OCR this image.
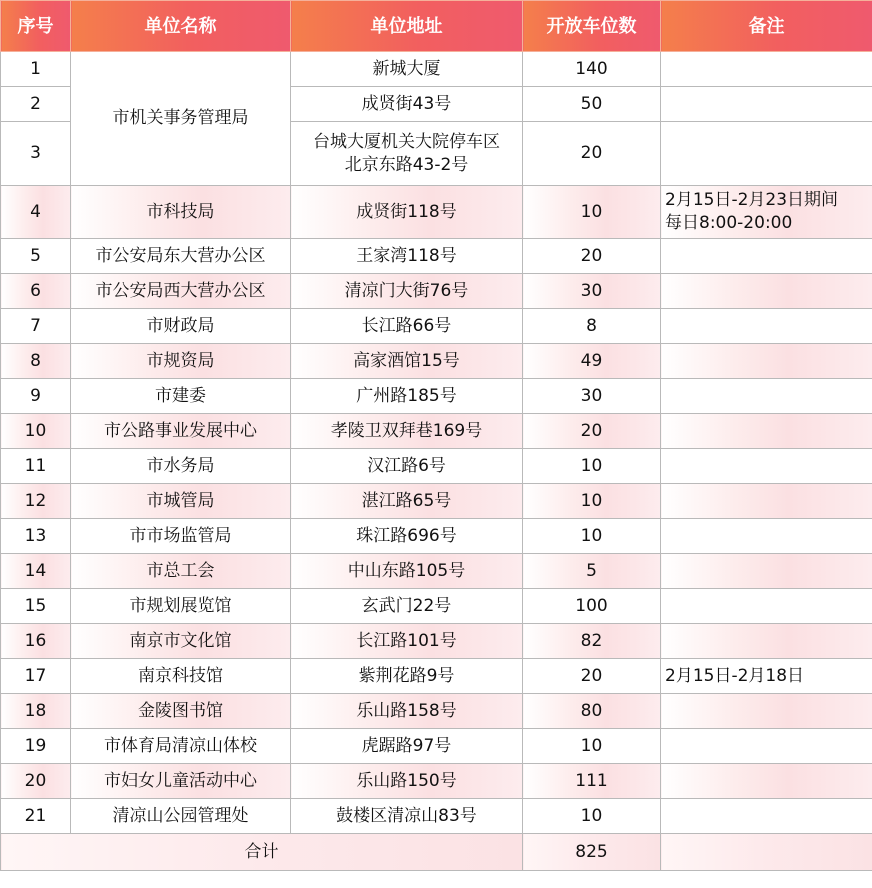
序号	单位名称	单位地址	开放车位数	备注
1	市机关事务管理局	新城大厦	140	
2		成贤街43号	50	
3		台城大厦机关大院停车区
北京东路43-2号	20	
4	市科技局	成贤街118号	10	2月15日-2月23日期间
每日8:00-20:00

5	市公安局东大营办公区	王家湾118号	20	
6	市公安局西大营办公区	清凉门大街76号	30	
7	市财政局	长江路66号	8	
8	市规资局	高家酒馆15号	49	
9	市建委	广州路185号	30	
10	市公路事业发展中心	孝陵卫双拜巷169号	20	
11	市水务局	汉江路6号	10	
12	市城管局	湛江路65号	10	
13	市市场监管局	珠江路696号	10	
14	市总工会	中山东路105号	5	
15	市规划展览馆	玄武门22号	100	
16	南京市文化馆	长江路101号	82	
17	南京科技馆	紫荆花路9号	20	2月15日-2月18日
18	金陵图书馆	乐山路158号	80	
19	市体育局清凉山体校	虎踞路97号	10	
20	市妇女儿童活动中心	乐山路150号	111	
21	清凉山公园管理处	鼓楼区清凉山83号	10	
合计			825	
